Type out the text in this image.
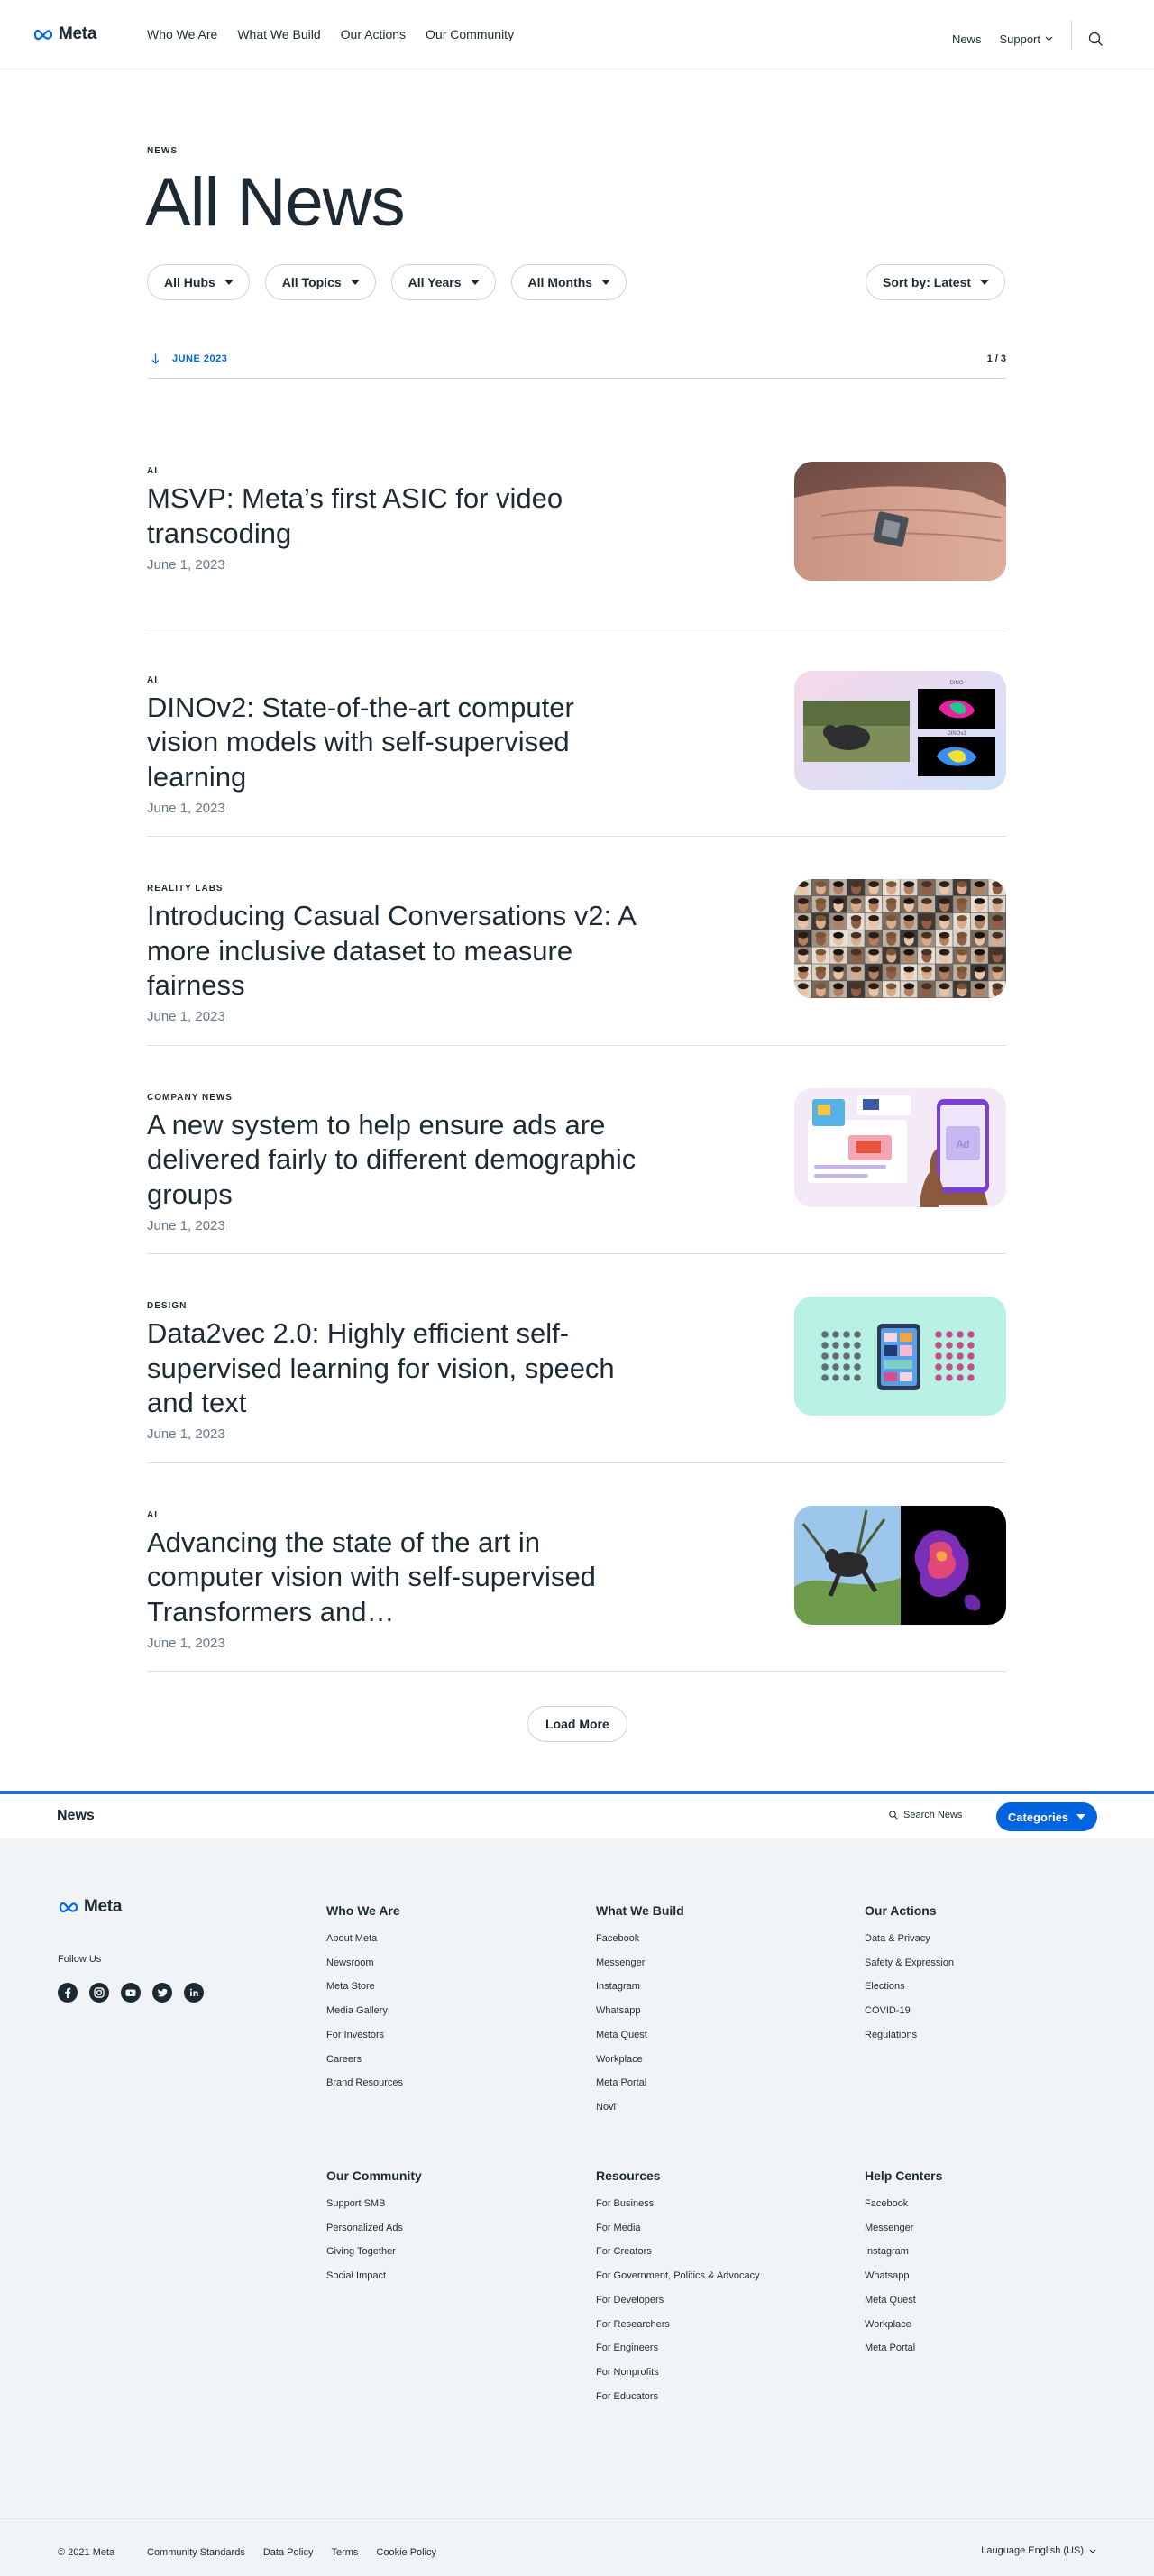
Meta	Who We Are What We Build Our Actions Our Community	News Support
NEWS
All News
All Hubs	All Topics	All Years	All Months	Sort by: Latest
JUNE 2023	1 / 3
AI
MSVP: Meta’s first ASIC for video transcoding
June 1, 2023
AI
DINOv2: State-of-the-art computer vision models with self-supervised learning
June 1, 2023
DINO
DINOv2
REALITY LABS
Introducing Casual Conversations v2: A more inclusive dataset to measure fairness
June 1, 2023
COMPANY NEWS
A new system to help ensure ads are delivered fairly to different demographic groups
June 1, 2023
Ad
DESIGN
Data2vec 2.0: Highly efficient self-supervised learning for vision, speech and text
June 1, 2023
AI
Advancing the state of the art in computer vision with self-supervised Transformers and…
June 1, 2023
Load More
News	Search News	Categories
Meta
Follow Us
Who We Are
About Meta
Newsroom
Meta Store
Media Gallery
For Investors
Careers
Brand Resources
What We Build
Facebook
Messenger
Instagram
Whatsapp
Meta Quest
Workplace
Meta Portal
Novi
Our Actions
Data & Privacy
Safety & Expression
Elections
COVID-19
Regulations
Our Community
Support SMB
Personalized Ads
Giving Together
Social Impact
Resources
For Business
For Media
For Creators
For Government, Politics & Advocacy
For Developers
For Researchers
For Engineers
For Nonprofits
For Educators
Help Centers
Facebook
Messenger
Instagram
Whatsapp
Meta Quest
Workplace
Meta Portal
© 2021 Meta	Community Standards Data Policy Terms Cookie Policy	Lauguage English (US)
